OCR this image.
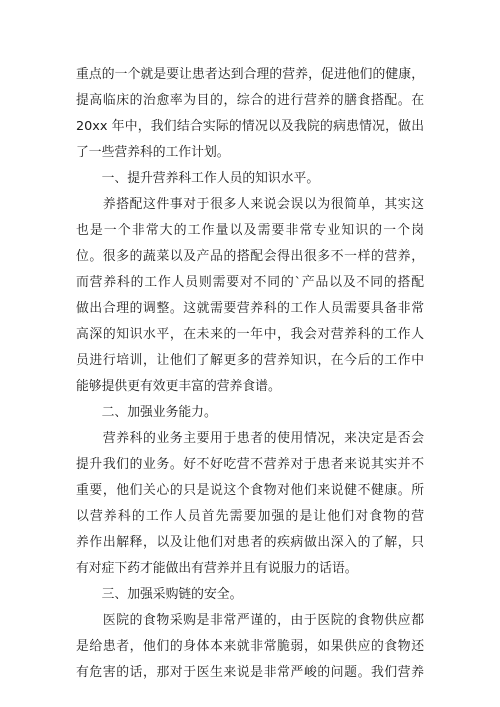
重点的一个就是要让患者达到合理的营养，促进他们的健康，
提高临床的治愈率为目的，综合的进行营养的膳食搭配。在
20xx 年中，我们结合实际的情况以及我院的病患情况，做出
了一些营养科的工作计划。
　　一、提升营养科工作人员的知识水平。
　　养搭配这件事对于很多人来说会误以为很简单，其实这
也是一个非常大的工作量以及需要非常专业知识的一个岗
位。很多的蔬菜以及产品的搭配会得出很多不一样的营养，
而营养科的工作人员则需要对不同的`产品以及不同的搭配
做出合理的调整。这就需要营养科的工作人员需要具备非常
高深的知识水平，在未来的一年中，我会对营养科的工作人
员进行培训，让他们了解更多的营养知识，在今后的工作中
能够提供更有效更丰富的营养食谱。
　　二、加强业务能力。
　　营养科的业务主要用于患者的使用情况，来决定是否会
提升我们的业务。好不好吃营不营养对于患者来说其实并不
重要，他们关心的只是说这个食物对他们来说健不健康。所
以营养科的工作人员首先需要加强的是让他们对食物的营
养作出解释，以及让他们对患者的疾病做出深入的了解，只
有对症下药才能做出有营养并且有说服力的话语。
　　三、加强采购链的安全。
　　医院的食物采购是非常严谨的，由于医院的食物供应都
是给患者，他们的身体本来就非常脆弱，如果供应的食物还
有危害的话，那对于医生来说是非常严峻的问题。我们营养
